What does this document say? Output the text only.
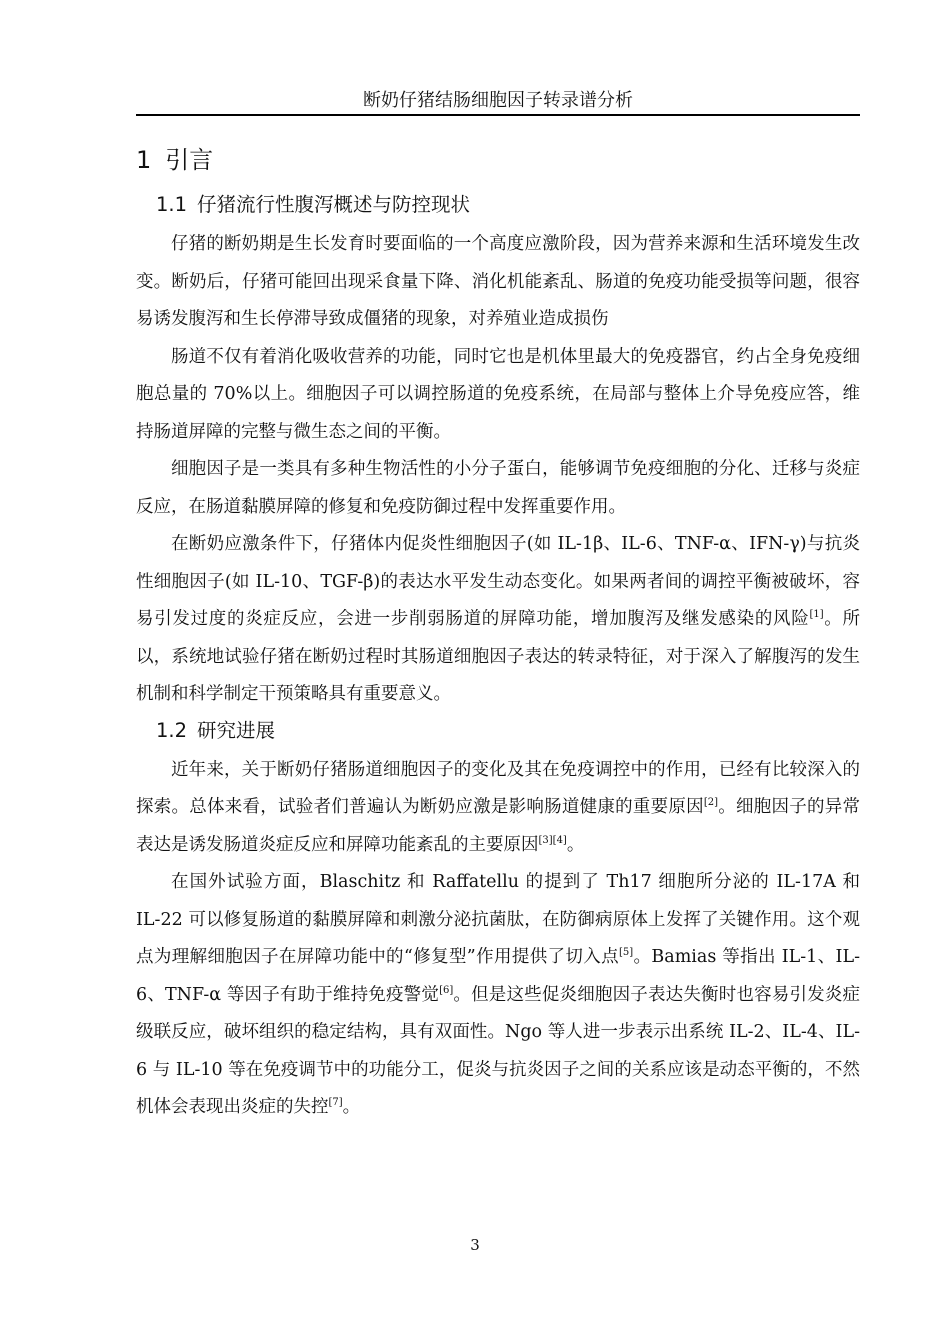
断奶仔猪结肠细胞因子转录谱分析
1 引言
1.1 仔猪流行性腹泻概述与防控现状

仔猪的断奶期是生长发育时要面临的一个高度应激阶段，因为营养来源和生活环境发生改变。断奶后，仔猪可能回出现采食量下降、消化机能紊乱、肠道的免疫功能受损等问题，很容易诱发腹泻和生长停滞导致成僵猪的现象，对养殖业造成损伤

肠道不仅有着消化吸收营养的功能，同时它也是机体里最大的免疫器官，约占全身免疫细胞总量的 70%以上。细胞因子可以调控肠道的免疫系统，在局部与整体上介导免疫应答，维持肠道屏障的完整与微生态之间的平衡。

细胞因子是一类具有多种生物活性的小分子蛋白，能够调节免疫细胞的分化、迁移与炎症反应，在肠道黏膜屏障的修复和免疫防御过程中发挥重要作用。

在断奶应激条件下，仔猪体内促炎性细胞因子(如 IL-1β、IL-6、TNF-α、IFN-γ)与抗炎性细胞因子(如 IL-10、TGF-β)的表达水平发生动态变化。如果两者间的调控平衡被破坏，容易引发过度的炎症反应，会进一步削弱肠道的屏障功能，增加腹泻及继发感染的风险[1]。所以，系统地试验仔猪在断奶过程时其肠道细胞因子表达的转录特征，对于深入了解腹泻的发生机制和科学制定干预策略具有重要意义。

1.2 研究进展

近年来，关于断奶仔猪肠道细胞因子的变化及其在免疫调控中的作用，已经有比较深入的探索。总体来看，试验者们普遍认为断奶应激是影响肠道健康的重要原因[2]。细胞因子的异常表达是诱发肠道炎症反应和屏障功能紊乱的主要原因[3][4]。

在国外试验方面，Blaschitz 和 Raffatellu 的提到了 Th17 细胞所分泌的 IL-17A 和 IL-22 可以修复肠道的黏膜屏障和刺激分泌抗菌肽，在防御病原体上发挥了关键作用。这个观点为理解细胞因子在屏障功能中的“修复型”作用提供了切入点[5]。Bamias 等指出 IL-1、IL-6、TNF-α 等因子有助于维持免疫警觉[6]。但是这些促炎细胞因子表达失衡时也容易引发炎症级联反应，破坏组织的稳定结构，具有双面性。Ngo 等人进一步表示出系统 IL-2、IL-4、IL-6 与 IL-10 等在免疫调节中的功能分工，促炎与抗炎因子之间的关系应该是动态平衡的，不然机体会表现出炎症的失控[7]。

3
